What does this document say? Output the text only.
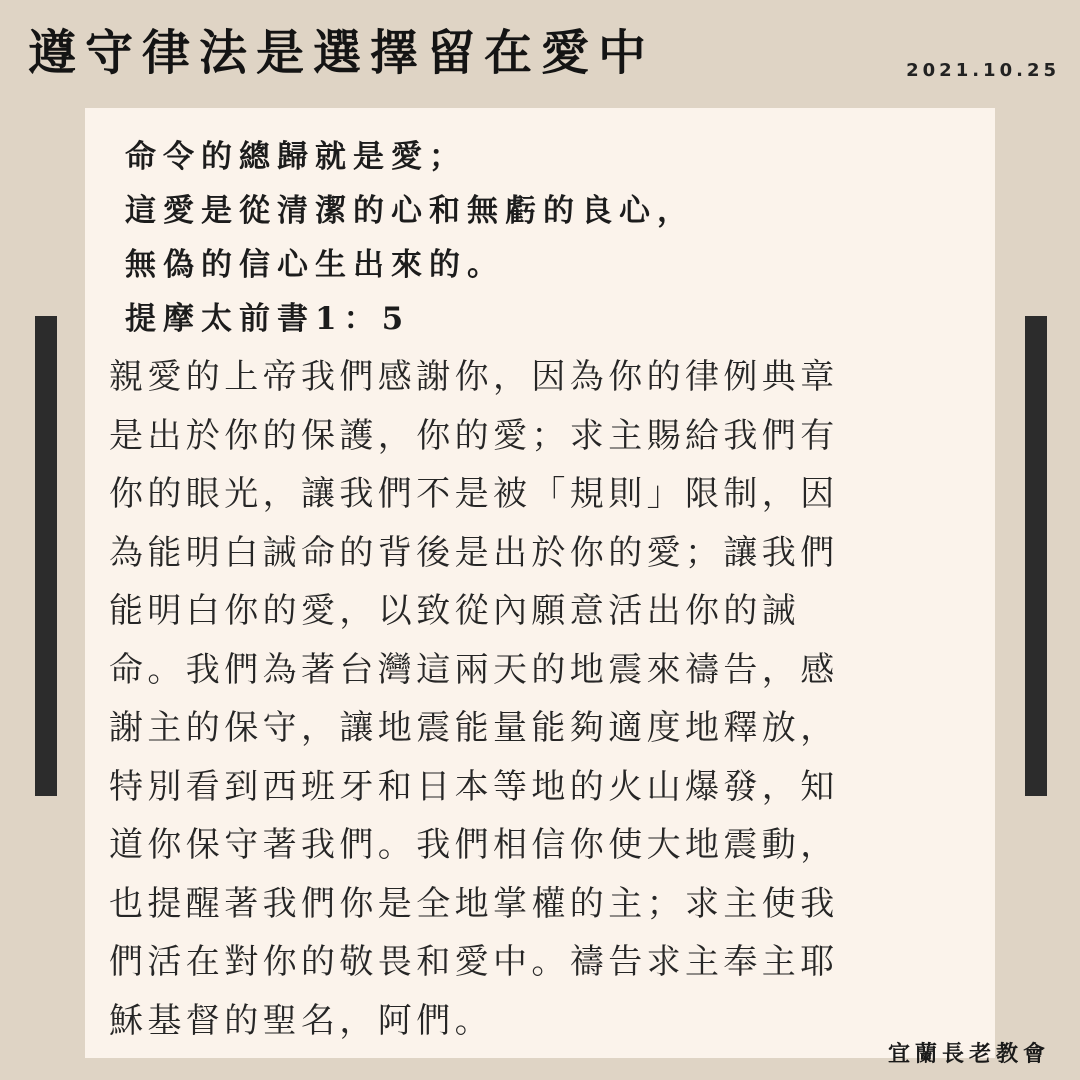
遵守律法是選擇留在愛中	2021.10.25
命令的總歸就是愛；
這愛是從清潔的心和無虧的良心，
無偽的信心生出來的。
提摩太前書1：5
親愛的上帝我們感謝你，因為你的律例典章
是出於你的保護，你的愛；求主賜給我們有
你的眼光，讓我們不是被「規則」限制，因
為能明白誡命的背後是出於你的愛；讓我們
能明白你的愛，以致從內願意活出你的誡
命。我們為著台灣這兩天的地震來禱告，感
謝主的保守，讓地震能量能夠適度地釋放，
特別看到西班牙和日本等地的火山爆發，知
道你保守著我們。我們相信你使大地震動，
也提醒著我們你是全地掌權的主；求主使我
們活在對你的敬畏和愛中。禱告求主奉主耶
穌基督的聖名，阿們。
宜蘭長老教會
